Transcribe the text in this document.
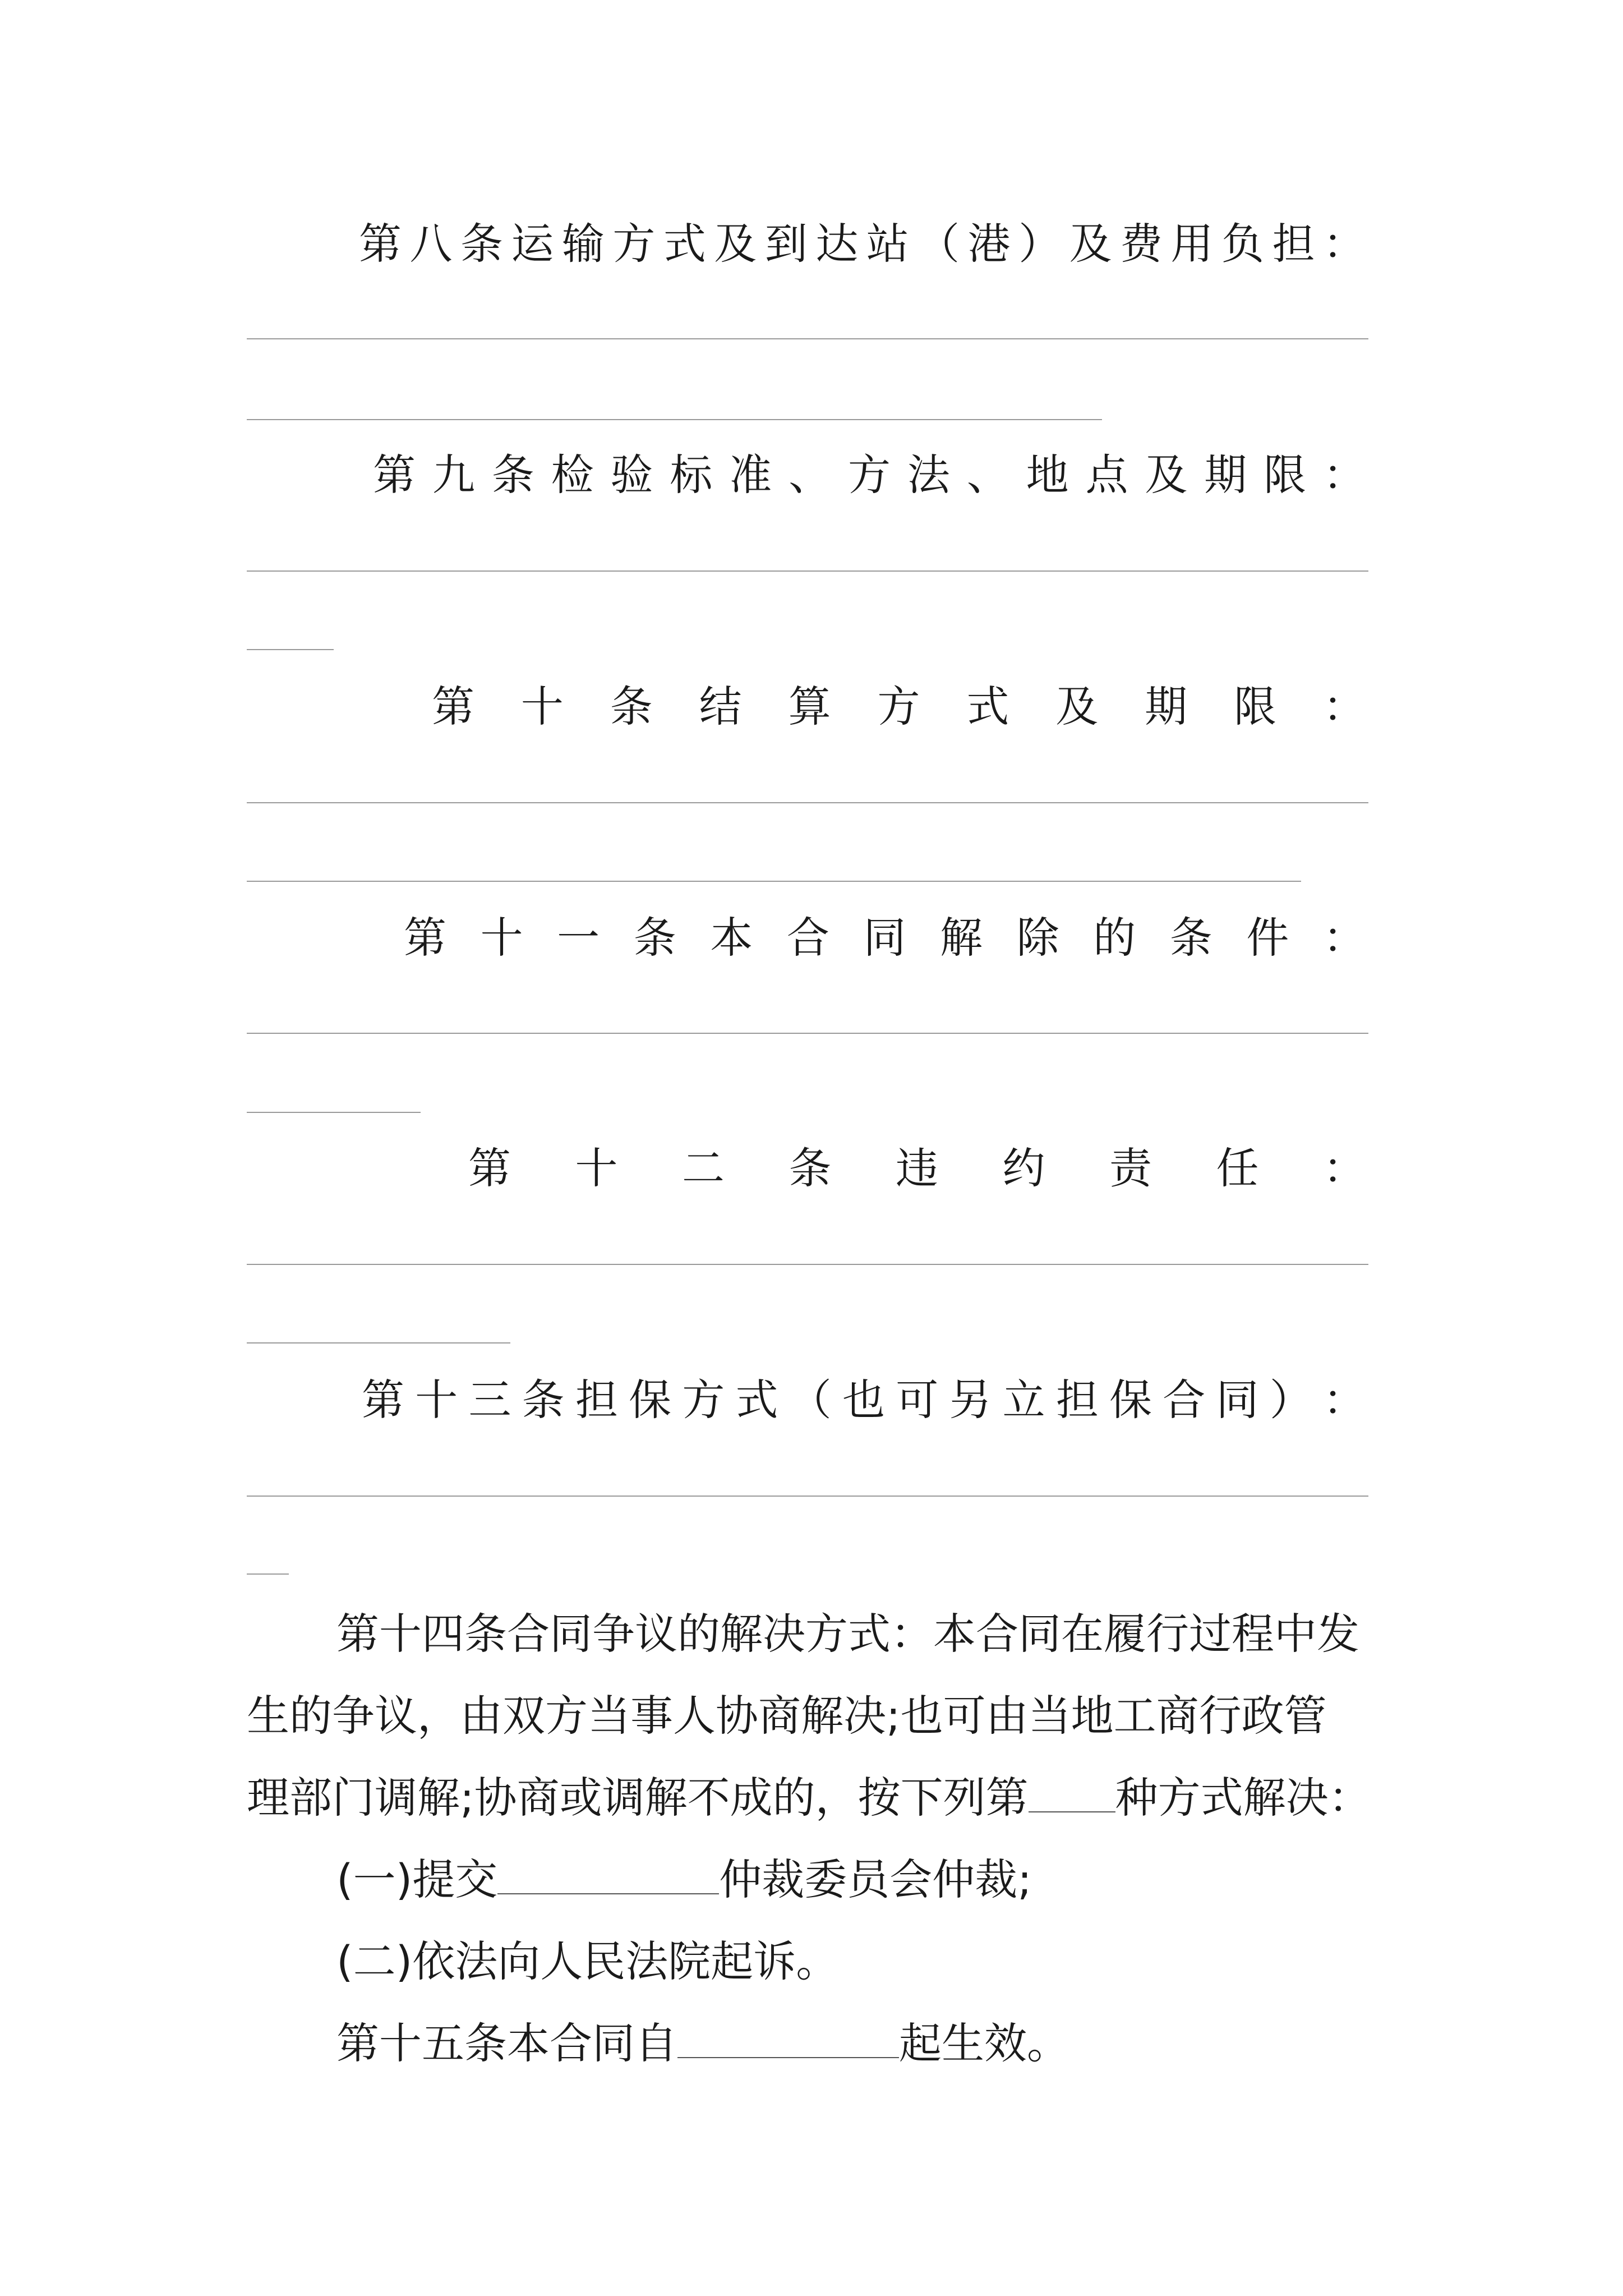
第 八 条 运 输 方 式 及 到 达 站 （ 港 ） 及 费 用 负 担 ：
第 九 条 检 验 标 准 、 方 法 、 地 点 及 期 限 ：
第 十 条 结 算 方 式 及 期 限 ：
第 十 一 条 本 合 同 解 除 的 条 件 ：
第 十 二 条 违 约 责 任 ：
第 十 三 条 担 保 方 式 （ 也 可 另 立 担 保 合 同 ） ：
第十四条合同争议的解决方式：本合同在履行过程中发
生的争议，由双方当事人协商解决;也可由当地工商行政管
理部门调解;协商或调解不成的，按下列第 种方式解决：
(一)提交	仲裁委员会仲裁;
(二)依法向人民法院起诉。
第十五条本合同自	起生效。
